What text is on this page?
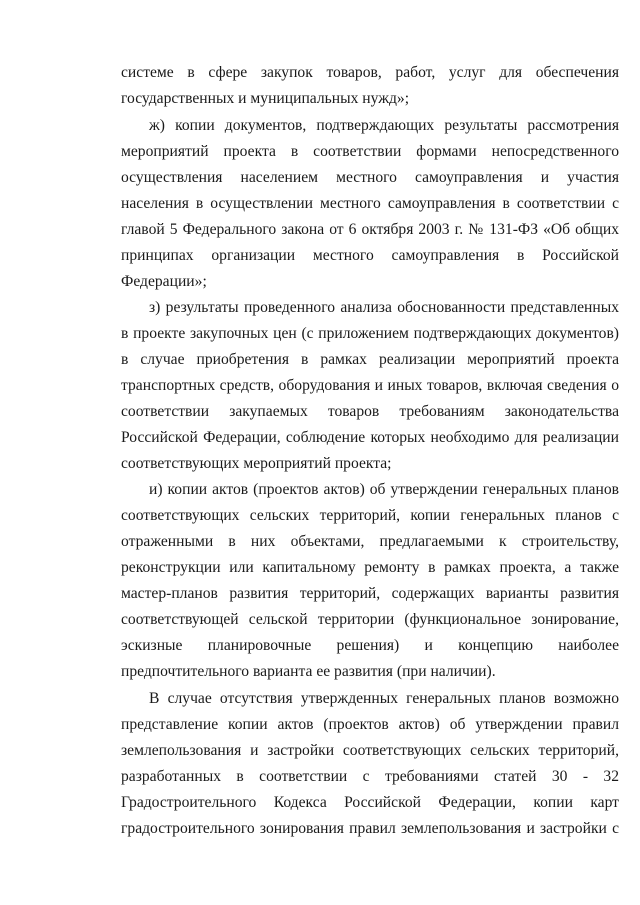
системе в сфере закупок товаров, работ, услуг для обеспечения
государственных и муниципальных нужд»;
ж) копии документов, подтверждающих результаты рассмотрения
мероприятий проекта в соответствии формами непосредственного
осуществления населением местного самоуправления и участия
населения в осуществлении местного самоуправления в соответствии с
главой 5 Федерального закона от 6 октября 2003 г. № 131-ФЗ «Об общих
принципах организации местного самоуправления в Российской
Федерации»;
з) результаты проведенного анализа обоснованности представленных
в проекте закупочных цен (с приложением подтверждающих документов)
в случае приобретения в рамках реализации мероприятий проекта
транспортных средств, оборудования и иных товаров, включая сведения о
соответствии закупаемых товаров требованиям законодательства
Российской Федерации, соблюдение которых необходимо для реализации
соответствующих мероприятий проекта;
и) копии актов (проектов актов) об утверждении генеральных планов
соответствующих сельских территорий, копии генеральных планов с
отраженными в них объектами, предлагаемыми к строительству,
реконструкции или капитальному ремонту в рамках проекта, а также
мастер-планов развития территорий, содержащих варианты развития
соответствующей сельской территории (функциональное зонирование,
эскизные планировочные решения) и концепцию наиболее
предпочтительного варианта ее развития (при наличии).
В случае отсутствия утвержденных генеральных планов возможно
представление копии актов (проектов актов) об утверждении правил
землепользования и застройки соответствующих сельских территорий,
разработанных в соответствии с требованиями статей 30 - 32
Градостроительного Кодекса Российской Федерации, копии карт
градостроительного зонирования правил землепользования и застройки с
